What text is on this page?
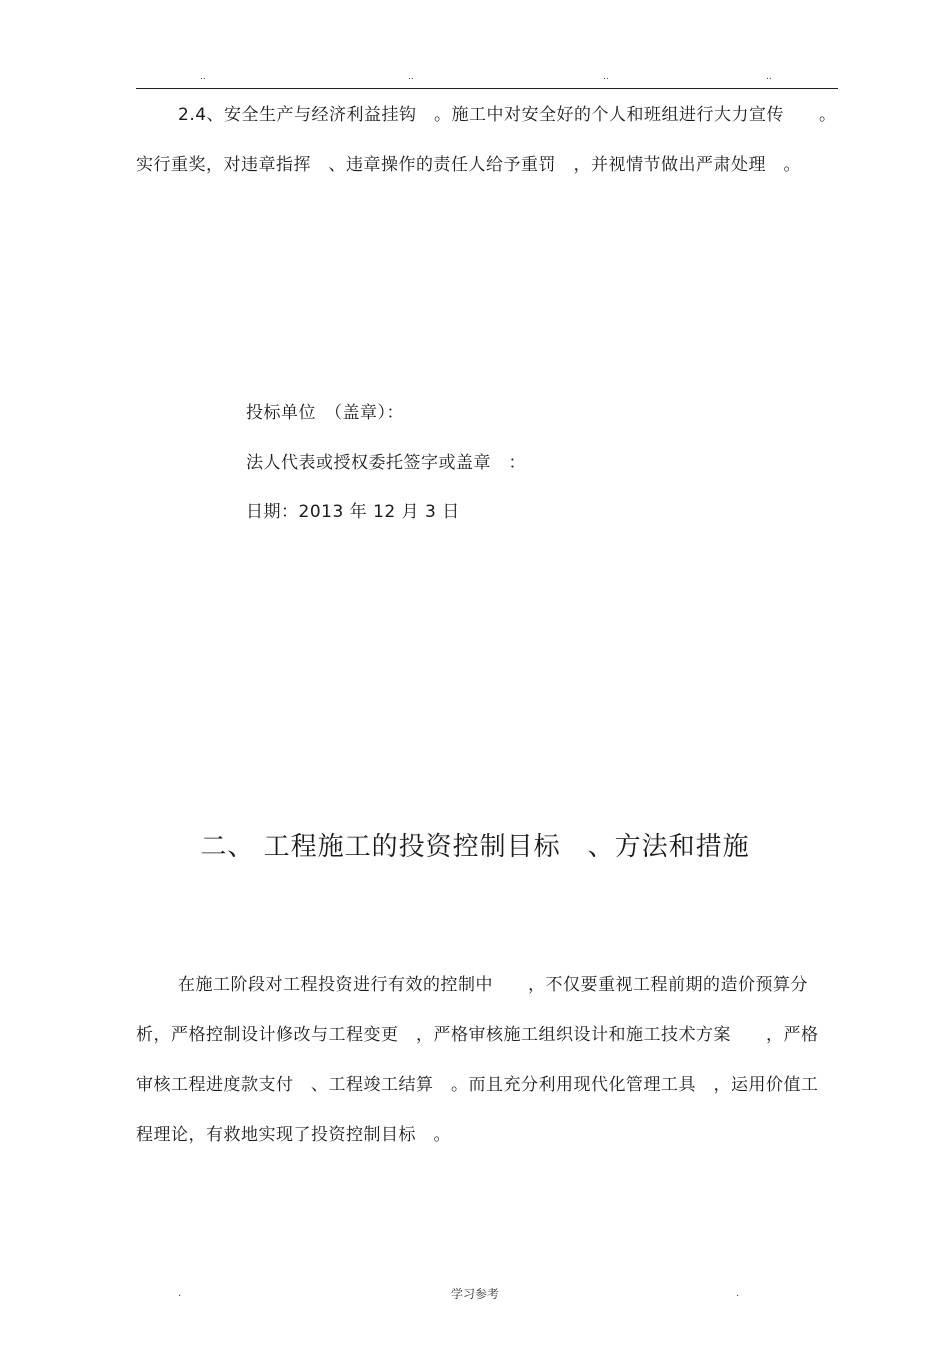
..	..	..	..
2.4、安全生产与经济利益挂钩　。施工中对安全好的个人和班组进行大力宣传　　。
实行重奖，对违章指挥　、违章操作的责任人给予重罚　，并视情节做出严肃处理　。
投标单位　（盖章）：
法人代表或授权委托签字或盖章　：
日期：2013 年 12 月 3 日
二、 工程施工的投资控制目标　、方法和措施
在施工阶段对工程投资进行有效的控制中　　，不仅要重视工程前期的造价预算分
析，严格控制设计修改与工程变更　，严格审核施工组织设计和施工技术方案　　，严格
审核工程进度款支付　、工程竣工结算　。而且充分利用现代化管理工具　，运用价值工
程理论，有救地实现了投资控制目标　。
.	学习参考	.
